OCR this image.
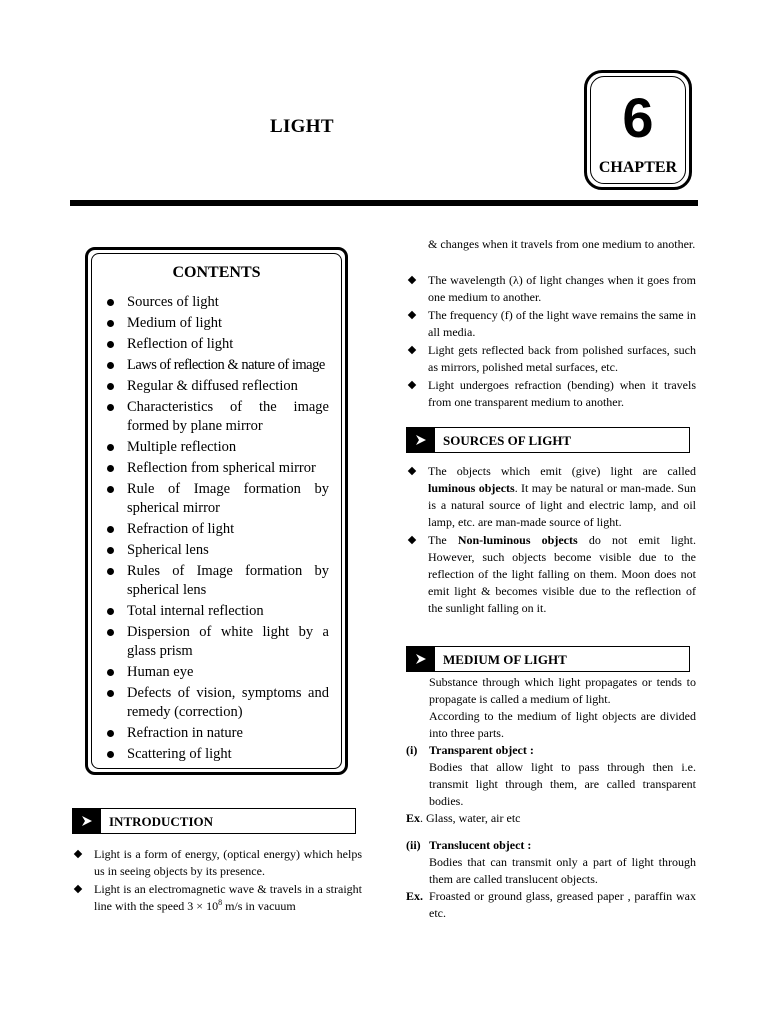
LIGHT	6
CHAPTER
CONTENTS
Sources of light
Medium of light
Reflection of light
Laws of reflection & nature of image
Regular & diffused reflection
Characteristics of the image formed by plane mirror
Multiple reflection
Reflection from spherical mirror
Rule of Image formation by spherical mirror
Refraction of light
Spherical lens
Rules of Image formation by spherical lens
Total internal reflection
Dispersion of white light by a glass prism
Human eye
Defects of vision, symptoms and remedy (correction)
Refraction in nature
Scattering of light
INTRODUCTION
Light is a form of energy, (optical energy) which helps us in seeing objects by its presence.
Light is an electromagnetic wave & travels in a straight line with the speed $3 \times 10^8$ m/s in vacuum
& changes when it travels from one medium to another.
The wavelength (λ) of light changes when it goes from one medium to another.
The frequency (f) of the light wave remains the same in all media.
Light gets reflected back from polished surfaces, such as mirrors, polished metal surfaces, etc.
Light undergoes refraction (bending) when it travels from one transparent medium to another.
SOURCES OF LIGHT
The objects which emit (give) light are called luminous objects. It may be natural or man-made. Sun is a natural source of light and electric lamp, and oil lamp, etc. are man-made source of light.
The Non-luminous objects do not emit light. However, such objects become visible due to the reflection of the light falling on them. Moon does not emit light & becomes visible due to the reflection of the sunlight falling on it.
MEDIUM OF LIGHT
Substance through which light propagates or tends to propagate is called a medium of light.
According to the medium of light objects are divided into three parts.
(i) Transparent object :
Bodies that allow light to pass through then i.e. transmit light through them, are called transparent bodies.
Ex. Glass, water, air etc
(ii) Translucent object :
Bodies that can transmit only a part of light through them are called translucent objects.
Ex. Froasted or ground glass, greased paper , paraffin wax etc.
